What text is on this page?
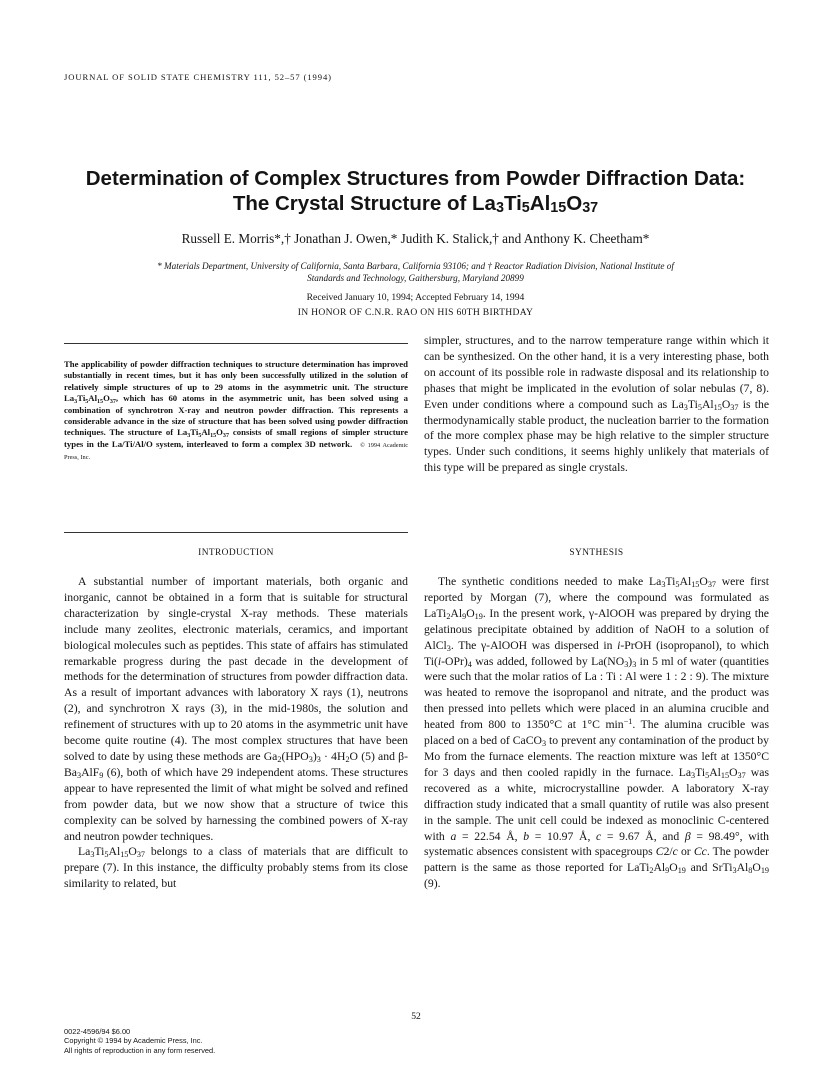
JOURNAL OF SOLID STATE CHEMISTRY 111, 52–57 (1994)
Determination of Complex Structures from Powder Diffraction Data:
The Crystal Structure of $La_3Ti_5Al_{15}O_{37}$
Russell E. Morris*,† Jonathan J. Owen,* Judith K. Stalick,† and Anthony K. Cheetham*
* Materials Department, University of California, Santa Barbara, California 93106; and † Reactor Radiation Division, National Institute of
Standards and Technology, Gaithersburg, Maryland 20899
Received January 10, 1994; Accepted February 14, 1994
IN HONOR OF C.N.R. RAO ON HIS 60TH BIRTHDAY
The applicability of powder diffraction techniques to structure determination has improved substantially in recent times, but it has only been successfully utilized in the solution of relatively simple structures of up to 29 atoms in the asymmetric unit. The structure $La_3Ti_5Al_{15}O_{37}$, which has 60 atoms in the asymmetric unit, has been solved using a combination of synchrotron X-ray and neutron powder diffraction. This represents a considerable advance in the size of structure that has been solved using powder diffraction techniques. The structure of $La_3Ti_5Al_{15}O_{37}$ consists of small regions of simpler structure types in the La/Ti/Al/O system, interleaved to form a complex 3D network. © 1994 Academic Press, Inc.

simpler, structures, and to the narrow temperature range within which it can be synthesized. On the other hand, it is a very interesting phase, both on account of its possible role in radwaste disposal and its relationship to phases that might be implicated in the evolution of solar nebulas (7, 8). Even under conditions where a compound such as $La_3Ti_5Al_{15}O_{37}$ is the thermodynamically stable product, the nucleation barrier to the formation of the more complex phase may be high relative to the simpler structure types. Under such conditions, it seems highly unlikely that materials of this type will be prepared as single crystals.

INTRODUCTION	SYNTHESIS

A substantial number of important materials, both organic and inorganic, cannot be obtained in a form that is suitable for structural characterization by single-crystal X-ray methods. These materials include many zeolites, electronic materials, ceramics, and important biological molecules such as peptides. This state of affairs has stimulated remarkable progress during the past decade in the development of methods for the determination of structures from powder diffraction data. As a result of important advances with laboratory X rays (1), neutrons (2), and synchrotron X rays (3), in the mid-1980s, the solution and refinement of structures with up to 20 atoms in the asymmetric unit have become quite routine (4). The most complex structures that have been solved to date by using these methods are $Ga_2(HPO_3)_3 \cdot 4H_2O$ (5) and $\beta-Ba_3AlF_9$ (6), both of which have 29 independent atoms. These structures appear to have represented the limit of what might be solved and refined from powder data, but we now show that a structure of twice this complexity can be solved by harnessing the combined powers of X-ray and neutron powder techniques.

$La_3Ti_5Al_{15}O_{37}$ belongs to a class of materials that are difficult to prepare (7). In this instance, the difficulty probably stems from its close similarity to related, but

The synthetic conditions needed to make $La_3Ti_5Al_{15}O_{37}$ were first reported by Morgan (7), where the compound was formulated as $LaTi_2Al_9O_{19}$. In the present work, γ-AlOOH was prepared by drying the gelatinous precipitate obtained by addition of NaOH to a solution of AlCl$_3$. The γ-AlOOH was dispersed in i-PrOH (isopropanol), to which $Ti(i-OPr)_4$ was added, followed by $La(NO_3)_3$ in 5 ml of water (quantities were such that the molar ratios of La : Ti : Al were 1 : 2 : 9). The mixture was heated to remove the isopropanol and nitrate, and the product was then pressed into pellets which were placed in an alumina crucible and heated from 800 to 1350°C at 1°C $\min^{-1}$. The alumina crucible was placed on a bed of CaCO$_3$ to prevent any contamination of the product by Mo from the furnace elements. The reaction mixture was left at 1350°C for 3 days and then cooled rapidly in the furnace. $La_3Ti_5Al_{15}O_{37}$ was recovered as a white, microcrystalline powder. A laboratory X-ray diffraction study indicated that a small quantity of rutile was also present in the sample. The unit cell could be indexed as monoclinic C-centered with a = 22.54 Å, b = 10.97 Å, c = 9.67 Å, and β = 98.49°, with systematic absences consistent with spacegroups C2/c or Cc. The powder pattern is the same as those reported for $LaTi_2Al_9O_{19}$ and $SrTi_3Al_8O_{19}$ (9).

52
0022-4596/94 $6.00
Copyright © 1994 by Academic Press, Inc.
All rights of reproduction in any form reserved.
